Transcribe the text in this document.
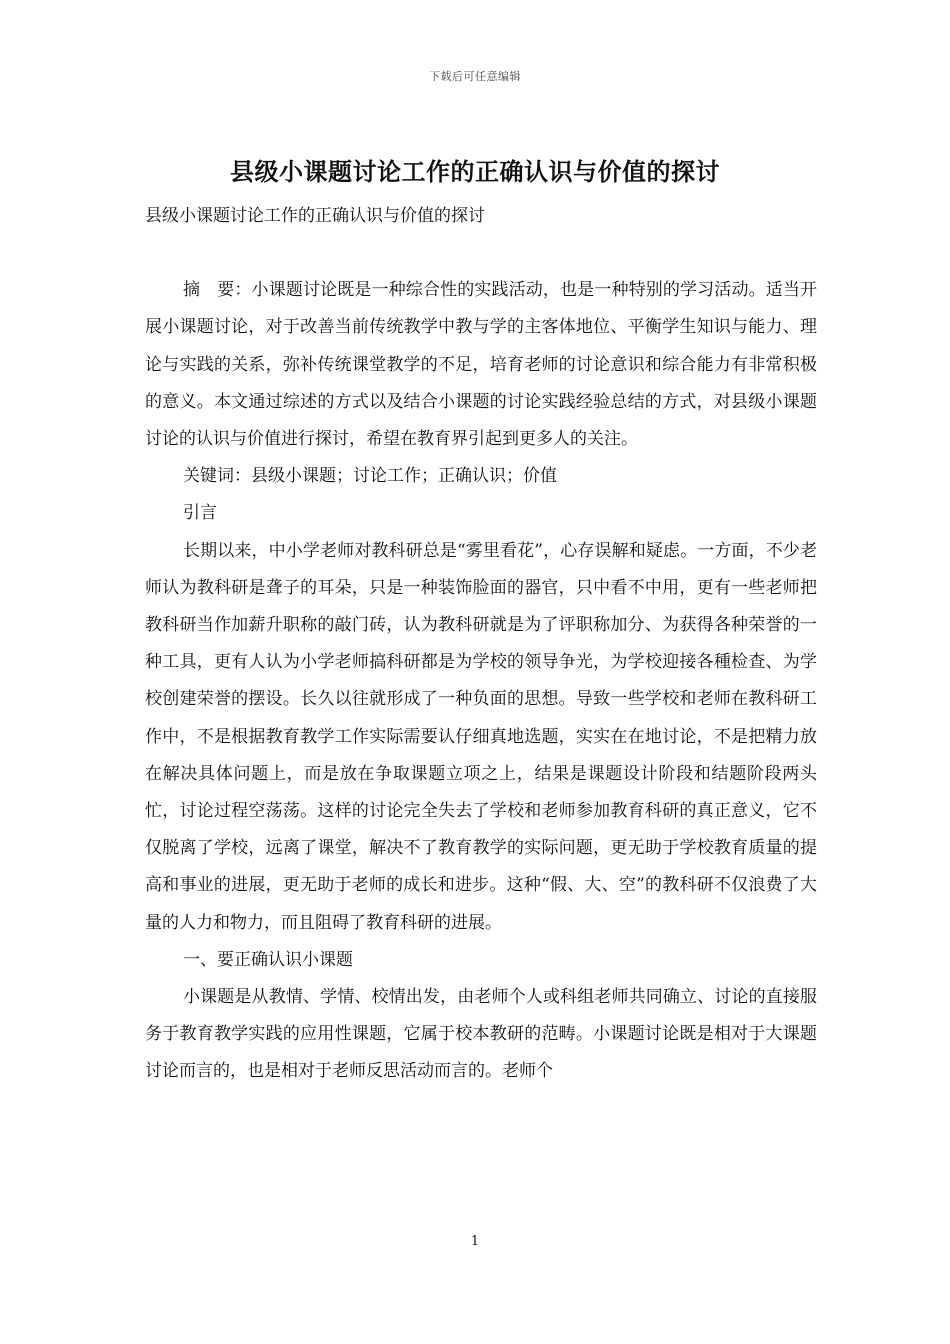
下载后可任意编辑
县级小课题讨论工作的正确认识与价值的探讨

县级小课题讨论工作的正确认识与价值的探讨

摘　要：小课题讨论既是一种综合性的实践活动，也是一种特别的学习活动。适当开展小课题讨论，对于改善当前传统教学中教与学的主客体地位、平衡学生知识与能力、理论与实践的关系，弥补传统课堂教学的不足，培育老师的讨论意识和综合能力有非常积极的意义。本文通过综述的方式以及结合小课题的讨论实践经验总结的方式，对县级小课题讨论的认识与价值进行探讨，希望在教育界引起到更多人的关注。

关键词：县级小课题；讨论工作；正确认识；价值

引言

长期以来，中小学老师对教科研总是“雾里看花”，心存误解和疑虑。一方面，不少老师认为教科研是聋子的耳朵，只是一种装饰脸面的器官，只中看不中用，更有一些老师把教科研当作加薪升职称的敲门砖，认为教科研就是为了评职称加分、为获得各种荣誉的一种工具，更有人认为小学老师搞科研都是为学校的领导争光，为学校迎接各種检查、为学校创建荣誉的摆设。长久以往就形成了一种负面的思想。导致一些学校和老师在教科研工作中，不是根据教育教学工作实际需要认仔细真地选题，实实在在地讨论，不是把精力放在解决具体问题上，而是放在争取课题立项之上，结果是课题设计阶段和结题阶段两头忙，讨论过程空荡荡。这样的讨论完全失去了学校和老师参加教育科研的真正意义，它不仅脱离了学校，远离了课堂，解决不了教育教学的实际问题，更无助于学校教育质量的提高和事业的进展，更无助于老师的成长和进步。这种“假、大、空”的教科研不仅浪费了大量的人力和物力，而且阻碍了教育科研的进展。

一、要正确认识小课题

小课题是从教情、学情、校情出发，由老师个人或科组老师共同确立、讨论的直接服务于教育教学实践的应用性课题，它属于校本教研的范畴。小课题讨论既是相对于大课题讨论而言的，也是相对于老师反思活动而言的。老师个

1
